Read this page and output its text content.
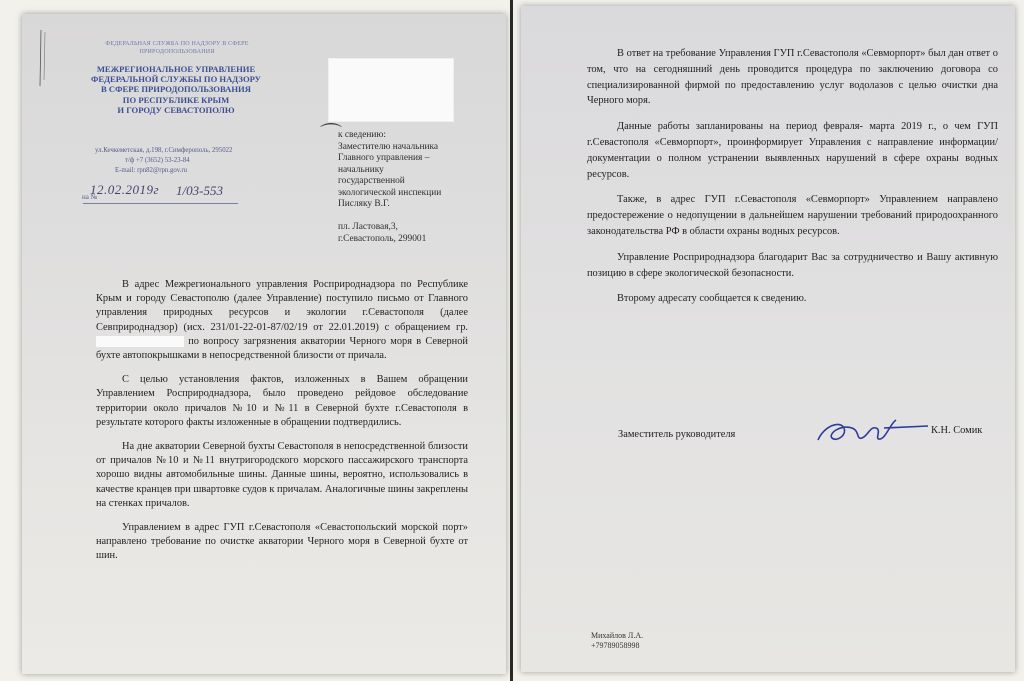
ФЕДЕРАЛЬНАЯ СЛУЖБА ПО НАДЗОРУ В СФЕРЕ ПРИРОДОПОЛЬЗОВАНИЯ
МЕЖРЕГИОНАЛЬНОЕ УПРАВЛЕНИЕ
ФЕДЕРАЛЬНОЙ СЛУЖБЫ ПО НАДЗОРУ
В СФЕРЕ ПРИРОДОПОЛЬЗОВАНИЯ
ПО РЕСПУБЛИКЕ КРЫМ
И ГОРОДУ СЕВАСТОПОЛЮ
ул.Кечкеметская, д.198, г.Симферополь, 295022
т/ф +7 (3652) 53-23-84
E-mail: rpn82@rpn.gov.ru
12.02.2019г 1/03-553
на №
⌒
к сведению:
Заместителю начальника
Главного управления –
начальнику
государственной
экологической инспекции
Писляку В.Г.
пл. Ластовая,3,
г.Севастополь, 299001

В адрес Межрегионального управления Росприроднадзора по Республике Крым и городу Севастополю (далее Управление) поступило письмо от Главного управления природных ресурсов и экологии г.Севастополя (далее Севприроднадзор) (исх. 231/01-22-01-87/02/19 от 22.01.2019) с обращением гр.  по вопросу загрязнения акватории Черного моря в Северной бухте автопокрышками в непосредственной близости от причала.

С целью установления фактов, изложенных в Вашем обращении Управлением Росприроднадзора, было проведено рейдовое обследование территории около причалов №10 и №11 в Северной бухте г.Севастополя в результате которого факты изложенные в обращении подтвердились.

На дне акватории Северной бухты Севастополя в непосредственной близости от причалов №10 и №11 внутригородского морского пассажирского транспорта хорошо видны автомобильные шины. Данные шины, вероятно, использовались в качестве кранцев при швартовке судов к причалам. Аналогичные шины закреплены на стенках причалов.

Управлением в адрес ГУП г.Севастополя «Севастопольский морской порт» направлено требование по очистке акватории Черного моря в Северной бухте от шин.

В ответ на требование Управления ГУП г.Севастополя «Севморпорт» был дан ответ о том, что на сегодняшний день проводится процедура по заключению договора со специализированной фирмой по предоставлению услуг водолазов с целью очистки дна Черного моря.

Данные работы запланированы на период февраля- марта 2019 г., о чем ГУП г.Севастополя «Севморпорт», проинформирует Управления с направление информации/документации о полном устранении выявленных нарушений в сфере охраны водных ресурсов.

Также, в адрес ГУП г.Севастополя «Севморпорт» Управлением направлено предостережение о недопущении в дальнейшем нарушении требований природоохранного законодательства РФ в области охраны водных ресурсов.

Управление Росприроднадзора благодарит Вас за сотрудничество и Вашу активную позицию в сфере экологической безопасности.

Второму адресату сообщается к сведению.

Заместитель руководителя	К.Н. Сомик
Михайлов Л.А.
+79789058998
